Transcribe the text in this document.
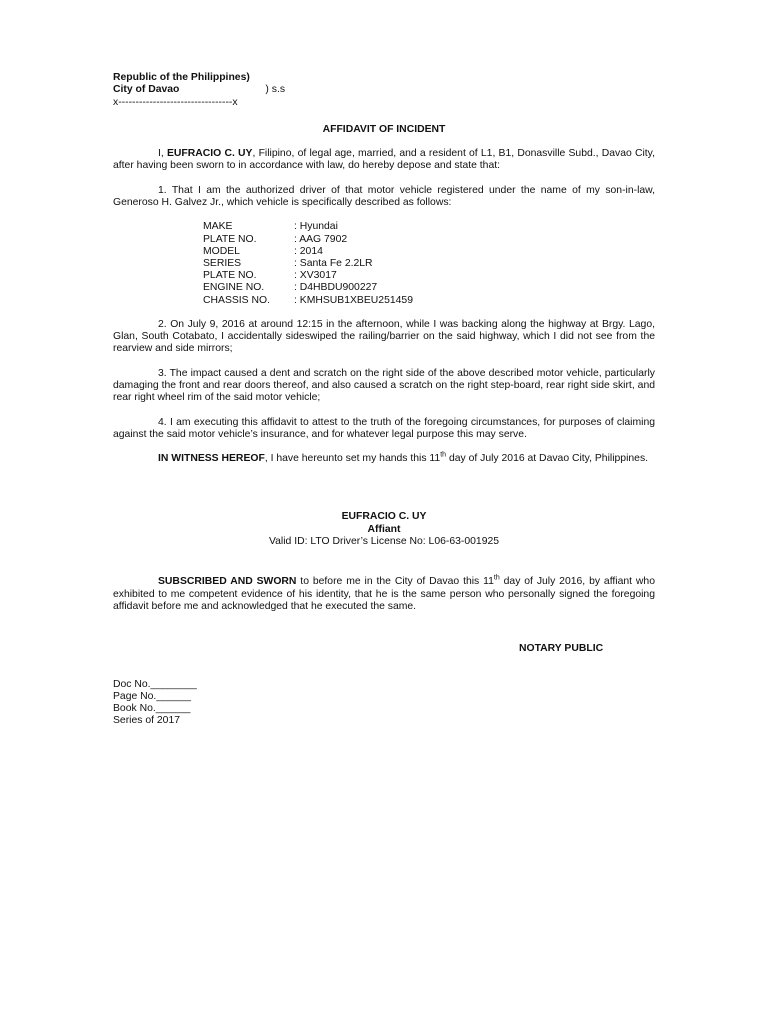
Republic of the Philippines)
City of Davao	) s.s
x---------------------------------x
AFFIDAVIT OF INCIDENT

I, EUFRACIO C. UY, Filipino, of legal age, married, and a resident of L1, B1, Donasville Subd., Davao City, after having been sworn to in accordance with law, do hereby depose and state that:

1. That I am the authorized driver of that motor vehicle registered under the name of my son-in-law, Generoso H. Galvez Jr., which vehicle is specifically described as follows:

MAKE	: Hyundai
PLATE NO.	: AAG 7902
MODEL	: 2014
SERIES	: Santa Fe 2.2LR
PLATE NO.	: XV3017
ENGINE NO.	: D4HBDU900227
CHASSIS NO.	: KMHSUB1XBEU251459

2. On July 9, 2016 at around 12:15 in the afternoon, while I was backing along the highway at Brgy. Lago, Glan, South Cotabato, I accidentally sideswiped the railing/barrier on the said highway, which I did not see from the rearview and side mirrors;

3. The impact caused a dent and scratch on the right side of the above described motor vehicle, particularly damaging the front and rear doors thereof, and also caused a scratch on the right step-board, rear right side skirt, and rear right wheel rim of the said motor vehicle;

4. I am executing this affidavit to attest to the truth of the foregoing circumstances, for purposes of claiming against the said motor vehicle’s insurance, and for whatever legal purpose this may serve.

IN WITNESS HEREOF, I have hereunto set my hands this 11th day of July 2016 at Davao City, Philippines.

EUFRACIO C. UY
Affiant
Valid ID: LTO Driver’s License No: L06-63-001925

SUBSCRIBED AND SWORN to before me in the City of Davao this 11th day of July 2016, by affiant who exhibited to me competent evidence of his identity, that he is the same person who personally signed the foregoing affidavit before me and acknowledged that he executed the same.

NOTARY PUBLIC
Doc No.________
Page No.______
Book No.______
Series of 2017
